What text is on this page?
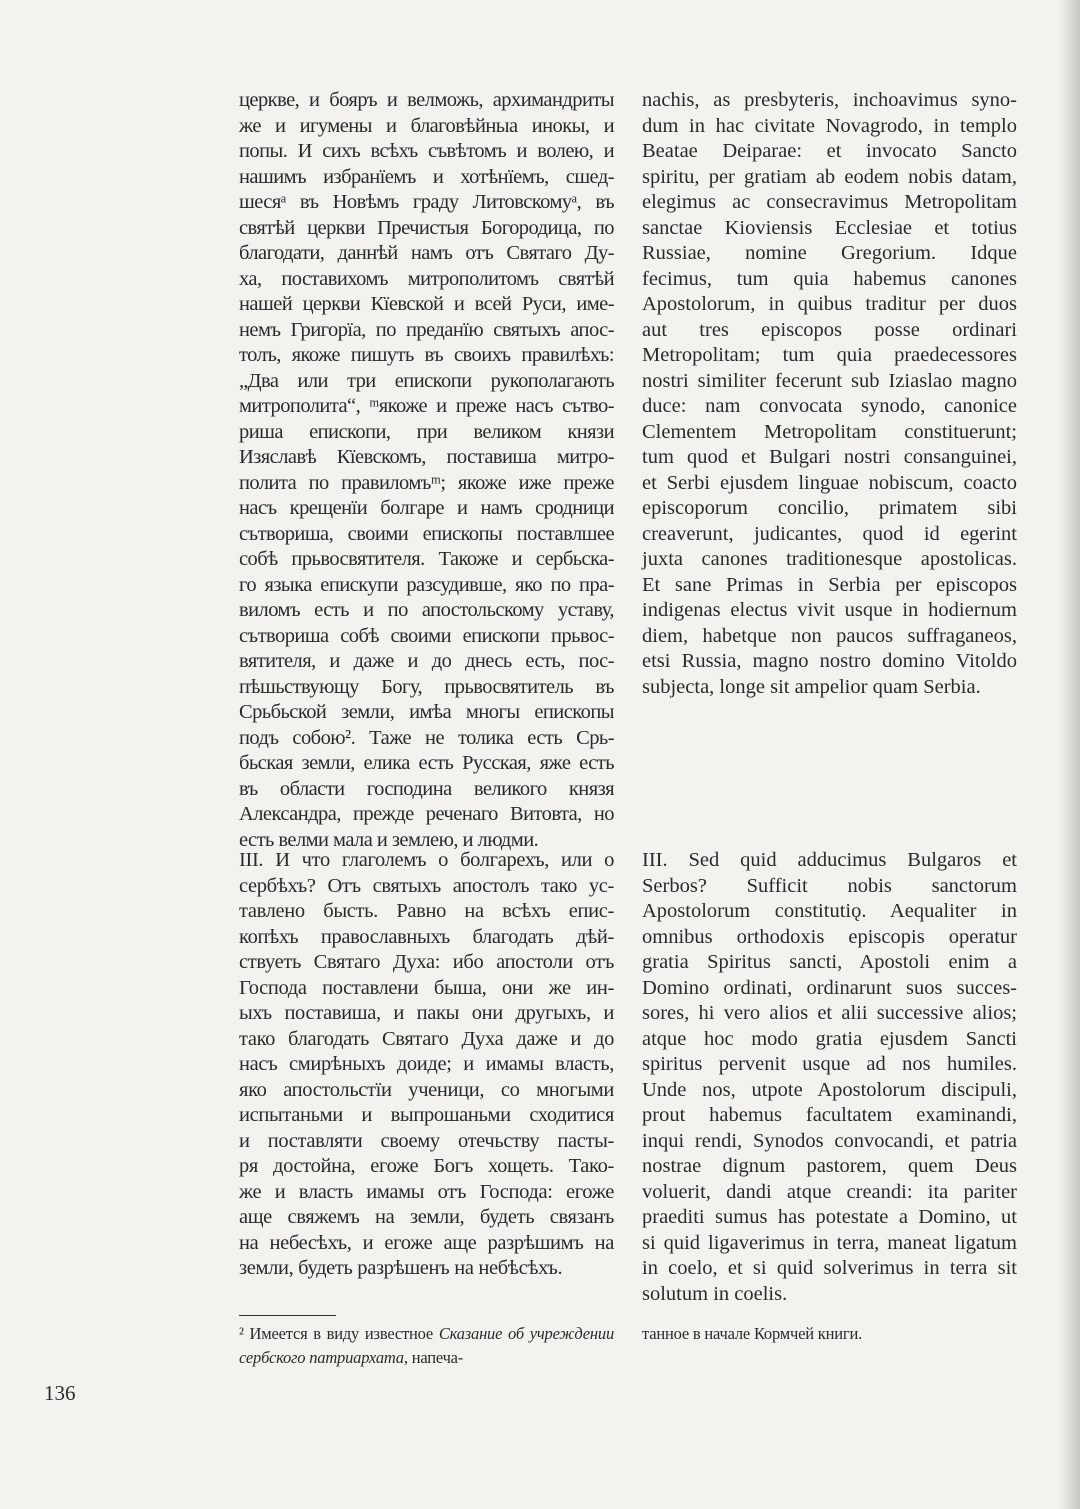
церкве, и бояръ и велможь, архимандриты
же и игумены и благовѣйныа инокы, и
попы. И сихъ всѣхъ съвѣтомъ и волею, и
нашимъ избранïемъ и хотѣнïемъ, сшед-
шесяᵃ въ Новѣмъ граду Литовскомуᵃ, въ
святѣй церкви Пречистыя Богородица, по
благодати, даннѣй намъ отъ Святаго Ду-
ха, поставихомъ митрополитомъ святѣй
нашей церкви Кïевской и всей Руси, име-
немъ Григорïа, по преданïю святыхъ апос-
толъ, якоже пишуть въ своихъ правилѣхъ:
„Два или три епископи рукополагають
митрополита“, ᵐякоже и преже насъ сътво-
риша епископи, при великом князи
Изяславѣ Кïевскомъ, поставиша митро-
полита по правиломъᵐ; якоже иже преже
насъ крещенïи болгаре и намъ сродници
сътвориша, своими епископы поставлшее
собѣ прьвосвятителя. Такоже и сербьска-
го языка епискупи разсудивше, яко по пра-
виломъ есть и по апостольскому уставу,
сътвориша собѣ своими епископи прьвос-
вятителя, и даже и до днесь есть, пос-
пѣшьствующу Богу, прьвосвятитель въ
Срьбьской земли, имѣа многы епископы
подъ собою². Таже не толика есть Срь-
бьская земли, елика есть Русская, яже есть
въ области господина великого князя
Александра, прежде реченаго Витовта, но
есть велми мала и землею, и людми.
nachis, as presbyteris, inchoavimus syno-
dum in hac civitate Novagrodo, in templo
Beatae Deiparae: et invocato Sancto
spiritu, per gratiam ab eodem nobis datam,
elegimus ac consecravimus Metropolitam
sanctae Kioviensis Ecclesiae et totius
Russiae, nomine Gregorium. Idque
fecimus, tum quia habemus canones
Apostolorum, in quibus traditur per duos
aut tres episcopos posse ordinari
Metropolitam; tum quia praedecessores
nostri similiter fecerunt sub Iziaslao magno
duce: nam convocata synodo, canonice
Clementem Metropolitam constituerunt;
tum quod et Bulgari nostri consanguinei,
et Serbi ejusdem linguae nobiscum, coacto
episcoporum concilio, primatem sibi
creaverunt, judicantes, quod id egerint
juxta canones traditionesque apostolicas.
Et sane Primas in Serbia per episcopos
indigenas electus vivit usque in hodiernum
diem, habetque non paucos suffraganeos,
etsi Russia, magno nostro domino Vitoldo
subjecta, longe sit ampelior quam Serbia.
III. И что глаголемъ о болгарехъ, или о
сербѣхъ? Отъ святыхъ апостолъ тако ус-
тавлено бысть. Равно на всѣхъ епис-
копѣхъ православныхъ благодать дѣй-
ствуеть Святаго Духа: ибо апостоли отъ
Господа поставлени быша, они же ин-
ыхъ поставиша, и пакы они другыхъ, и
тако благодать Святаго Духа даже и до
насъ смирѣныхъ доиде; и имамы власть,
яко апостольстïи ученици, со многыми
испытаньми и выпрошаньми сходитися
и поставляти своему отечьству пасты-
ря достойна, егоже Богъ хощеть. Тако-
же и власть имамы отъ Господа: егоже
аще свяжемъ на земли, будеть связанъ
на небесѣхъ, и егоже аще разрѣшимъ на
земли, будеть разрѣшенъ на небѣсѣхъ.
III. Sed quid adducimus Bulgaros et
Serbos? Sufficit nobis sanctorum
Apostolorum constitutiǫ. Aequaliter in
omnibus orthodoxis episcopis operatur
gratia Spiritus sancti, Apostoli enim a
Domino ordinati, ordinarunt suos succes-
sores, hi vero alios et alii successive alios;
atque hoc modo gratia ejusdem Sancti
spiritus pervenit usque ad nos humiles.
Unde nos, utpote Apostolorum discipuli,
prout habemus facultatem examinandi,
inqui rendi, Synodos convocandi, et patria
nostrae dignum pastorem, quem Deus
voluerit, dandi atque creandi: ita pariter
praediti sumus has potestate a Domino, ut
si quid ligaverimus in terra, maneat ligatum
in coelo, et si quid solverimus in terra sit
solutum in coelis.
² Имеется в виду известное Сказание об учреждении сербского патриархата, напеча-
танное в начале Кормчей книги.
136
